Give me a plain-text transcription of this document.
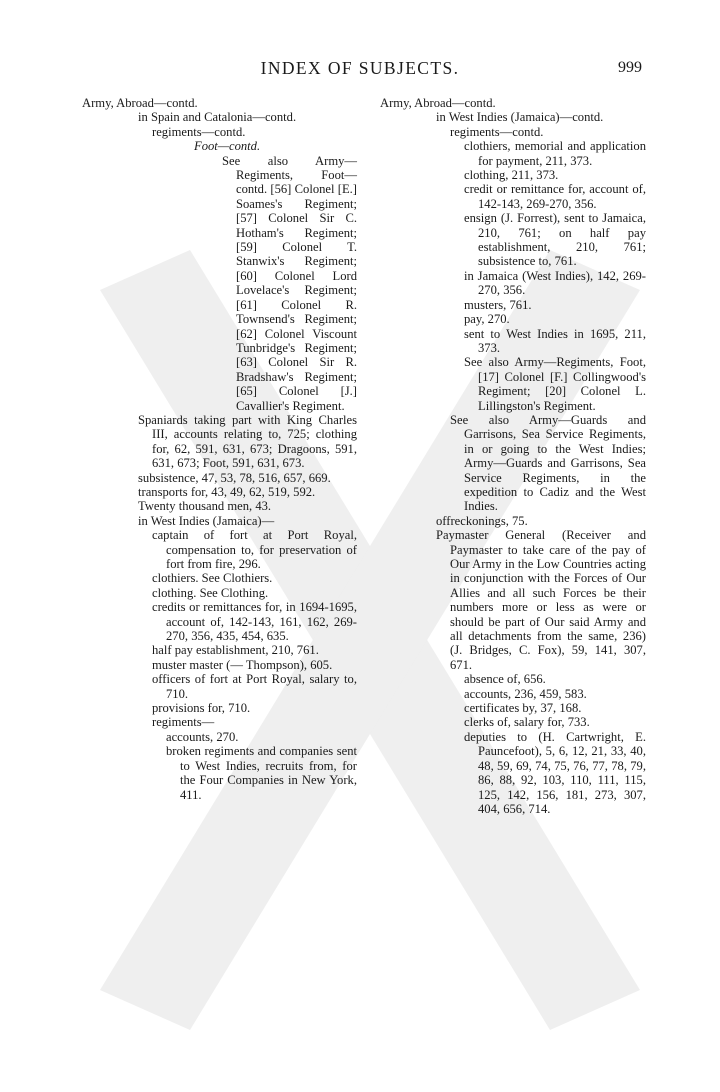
INDEX OF SUBJECTS.	999
Army, Abroad—contd.
in Spain and Catalonia—contd.
regiments—contd.
Foot—contd.
See also Army—Regiments, Foot—contd. [56] Colonel [E.] Soames's Regiment; [57] Colonel Sir C. Hotham's Regiment; [59] Colonel T. Stanwix's Regiment; [60] Colonel Lord Lovelace's Regiment; [61] Colonel R. Townsend's Regiment; [62] Colonel Viscount Tunbridge's Regiment; [63] Colonel Sir R. Bradshaw's Regiment; [65] Colonel [J.] Cavallier's Regiment.
Spaniards taking part with King Charles III, accounts relating to, 725; clothing for, 62, 591, 631, 673; Dragoons, 591, 631, 673; Foot, 591, 631, 673.
subsistence, 47, 53, 78, 516, 657, 669.
transports for, 43, 49, 62, 519, 592.
Twenty thousand men, 43.
in West Indies (Jamaica)—
captain of fort at Port Royal, compensation to, for preservation of fort from fire, 296.
clothiers. See Clothiers.
clothing. See Clothing.
credits or remittances for, in 1694-1695, account of, 142-143, 161, 162, 269-270, 356, 435, 454, 635.
half pay establishment, 210, 761.
muster master (— Thompson), 605.
officers of fort at Port Royal, salary to, 710.
provisions for, 710.
regiments—
accounts, 270.
broken regiments and companies sent to West Indies, recruits from, for the Four Companies in New York, 411.
Army, Abroad—contd.
in West Indies (Jamaica)—contd.
regiments—contd.
clothiers, memorial and application for payment, 211, 373.
clothing, 211, 373.
credit or remittance for, account of, 142-143, 269-270, 356.
ensign (J. Forrest), sent to Jamaica, 210, 761; on half pay establishment, 210, 761; subsistence to, 761.
in Jamaica (West Indies), 142, 269-270, 356.
musters, 761.
pay, 270.
sent to West Indies in 1695, 211, 373.
See also Army—Regiments, Foot, [17] Colonel [F.] Collingwood's Regiment; [20] Colonel L. Lillingston's Regiment.
See also Army—Guards and Garrisons, Sea Service Regiments, in or going to the West Indies; Army—Guards and Garrisons, Sea Service Regiments, in the expedition to Cadiz and the West Indies.
offreckonings, 75.
Paymaster General (Receiver and Paymaster to take care of the pay of Our Army in the Low Countries acting in conjunction with the Forces of Our Allies and all such Forces be their numbers more or less as were or should be part of Our said Army and all detachments from the same, 236) (J. Bridges, C. Fox), 59, 141, 307, 671.
absence of, 656.
accounts, 236, 459, 583.
certificates by, 37, 168.
clerks of, salary for, 733.
deputies to (H. Cartwright, E. Pauncefoot), 5, 6, 12, 21, 33, 40, 48, 59, 69, 74, 75, 76, 77, 78, 79, 86, 88, 92, 103, 110, 111, 115, 125, 142, 156, 181, 273, 307, 404, 656, 714.
